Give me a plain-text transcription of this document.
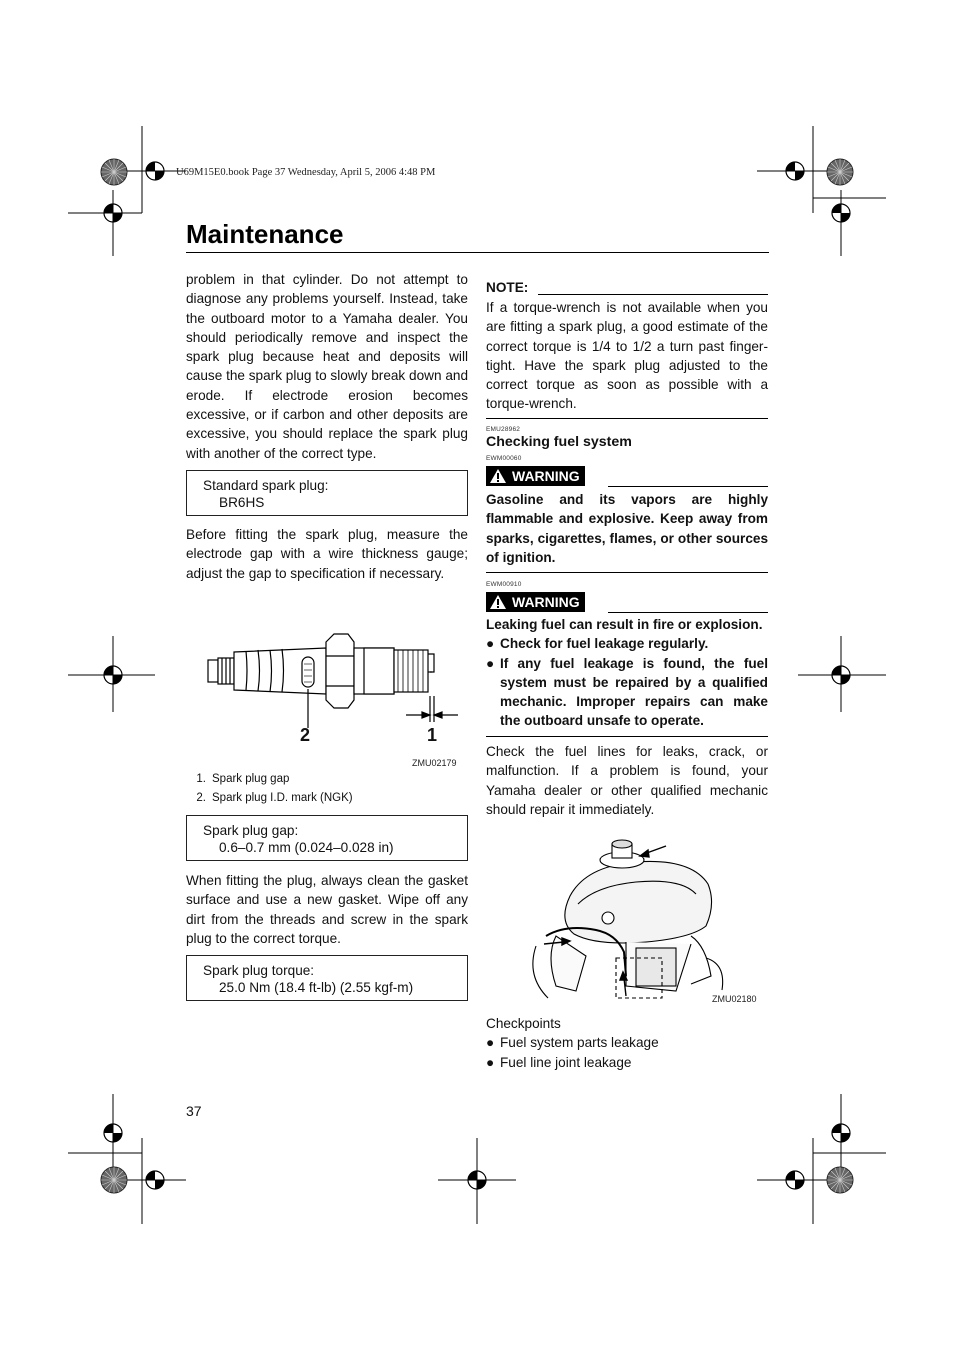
U69M15E0.book Page 37 Wednesday, April 5, 2006 4:48 PM
Maintenance
problem in that cylinder. Do not attempt to diagnose any problems yourself. Instead, take the outboard motor to a Yamaha dealer. You should periodically remove and inspect the spark plug because heat and deposits will cause the spark plug to slowly break down and erode. If electrode erosion becomes excessive, or if carbon and other deposits are excessive, you should replace the spark plug with another of the correct type.
Standard spark plug:
BR6HS
Before fitting the spark plug, measure the electrode gap with a wire thickness gauge; adjust the gap to specification if necessary.
2	1
ZMU02179
1. Spark plug gap
2. Spark plug I.D. mark (NGK)
Spark plug gap:
0.6–0.7 mm (0.024–0.028 in)
When fitting the plug, always clean the gasket surface and use a new gasket. Wipe off any dirt from the threads and screw in the spark plug to the correct torque.
Spark plug torque:
25.0 Nm (18.4 ft-lb) (2.55 kgf-m)
NOTE:
If a torque-wrench is not available when you are fitting a spark plug, a good estimate of the correct torque is 1/4 to 1/2 a turn past finger-tight. Have the spark plug adjusted to the correct torque as soon as possible with a torque-wrench.
EMU28962
Checking fuel system
EWM00060
WARNING
Gasoline and its vapors are highly flammable and explosive. Keep away from sparks, cigarettes, flames, or other sources of ignition.
EWM00910
WARNING
Leaking fuel can result in fire or explosion.
● Check for fuel leakage regularly.
● If any fuel leakage is found, the fuel system must be repaired by a qualified mechanic. Improper repairs can make the outboard unsafe to operate.
Check the fuel lines for leaks, crack, or malfunction. If a problem is found, your Yamaha dealer or other qualified mechanic should repair it immediately.
ZMU02180
Checkpoints
● Fuel system parts leakage
● Fuel line joint leakage
37
